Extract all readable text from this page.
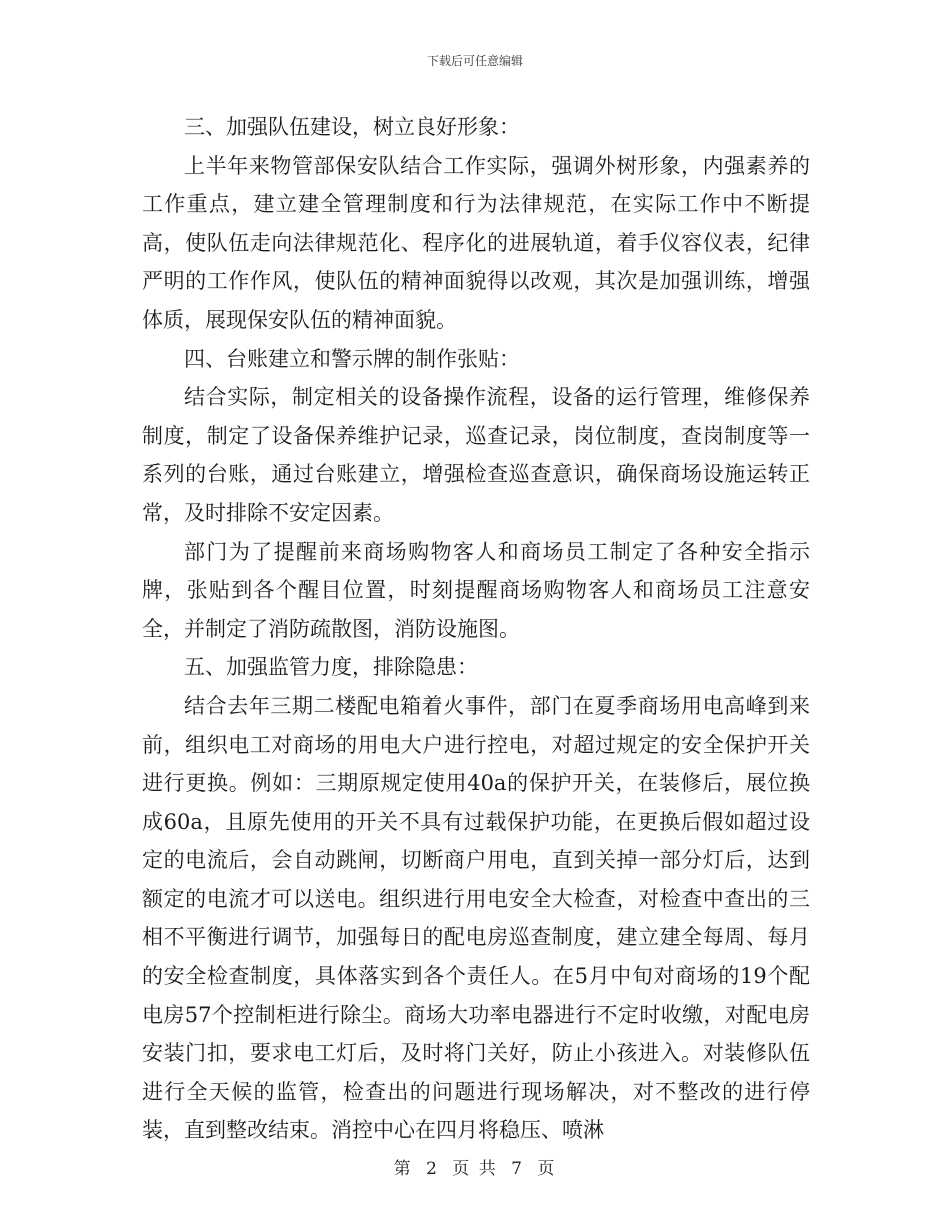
下载后可任意编辑

三、加强队伍建设，树立良好形象：

上半年来物管部保安队结合工作实际，强调外树形象，内强素养的工作重点，建立建全管理制度和行为法律规范，在实际工作中不断提高，使队伍走向法律规范化、程序化的进展轨道，着手仪容仪表，纪律严明的工作作风，使队伍的精神面貌得以改观，其次是加强训练，增强体质，展现保安队伍的精神面貌。

四、台账建立和警示牌的制作张贴：

结合实际，制定相关的设备操作流程，设备的运行管理，维修保养制度，制定了设备保养维护记录，巡查记录，岗位制度，查岗制度等一系列的台账，通过台账建立，增强检查巡查意识，确保商场设施运转正常，及时排除不安定因素。

部门为了提醒前来商场购物客人和商场员工制定了各种安全指示牌，张贴到各个醒目位置，时刻提醒商场购物客人和商场员工注意安全，并制定了消防疏散图，消防设施图。

五、加强监管力度，排除隐患：

结合去年三期二楼配电箱着火事件，部门在夏季商场用电高峰到来前，组织电工对商场的用电大户进行控电，对超过规定的安全保护开关进行更换。例如：三期原规定使用40a的保护开关，在装修后，展位换成60a，且原先使用的开关不具有过载保护功能，在更换后假如超过设定的电流后，会自动跳闸，切断商户用电，直到关掉一部分灯后，达到额定的电流才可以送电。组织进行用电安全大检查，对检查中查出的三相不平衡进行调节，加强每日的配电房巡查制度，建立建全每周、每月的安全检查制度，具体落实到各个责任人。在5月中旬对商场的19个配电房57个控制柜进行除尘。商场大功率电器进行不定时收缴，对配电房安装门扣，要求电工灯后，及时将门关好，防止小孩进入。对装修队伍进行全天候的监管，检查出的问题进行现场解决，对不整改的进行停装，直到整改结束。消控中心在四月将稳压、喷淋

第 2 页 共 7 页
